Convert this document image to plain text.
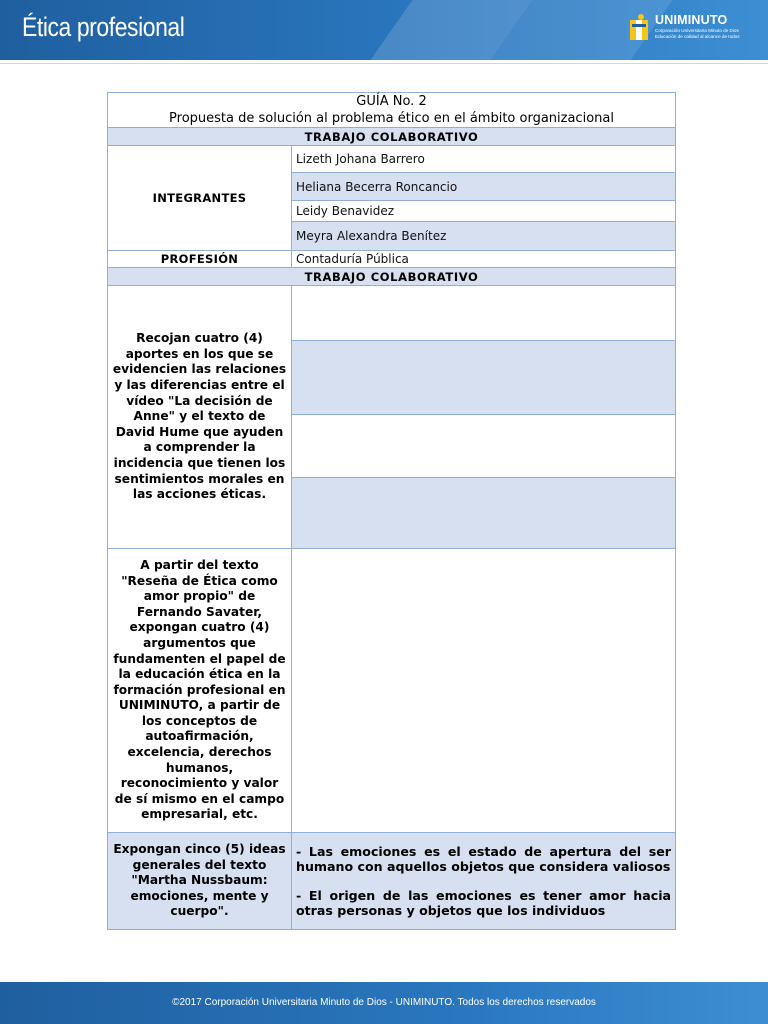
Ética profesional	UNIMINUTO
Corporación Universitaria Minuto de Dios
Educación de calidad al alcance de todos
GUÍA No. 2
Propuesta de solución al problema ético en el ámbito organizacional	

TRABAJO COLABORATIVO	
INTEGRANTES	Lizeth Johana Barrero
	Heliana Becerra Roncancio
	Leidy Benavidez
	Meyra Alexandra Benítez
PROFESIÓN	Contaduría Pública
TRABAJO COLABORATIVO	
Recojan cuatro (4) aportes en los que se evidencien las relaciones y las diferencias entre el vídeo "La decisión de Anne" y el texto de David Hume que ayuden a comprender la incidencia que tienen los sentimientos morales en las acciones éticas.	

A partir del texto "Reseña de Ética como amor propio" de Fernando Savater, expongan cuatro (4) argumentos que fundamenten el papel de la educación ética en la formación profesional en UNIMINUTO, a partir de los conceptos de autoafirmación, excelencia, derechos humanos, reconocimiento y valor de sí mismo en el campo empresarial, etc.	
Expongan cinco (5) ideas generales del texto "Martha Nussbaum: emociones, mente y cuerpo".	- Las emociones es el estado de apertura del ser humano con aquellos objetos que considera valiosos

- El origen de las emociones es tener amor hacia otras personas y objetos que los individuos

©2017 Corporación Universitaria Minuto de Dios - UNIMINUTO. Todos los derechos reservados
